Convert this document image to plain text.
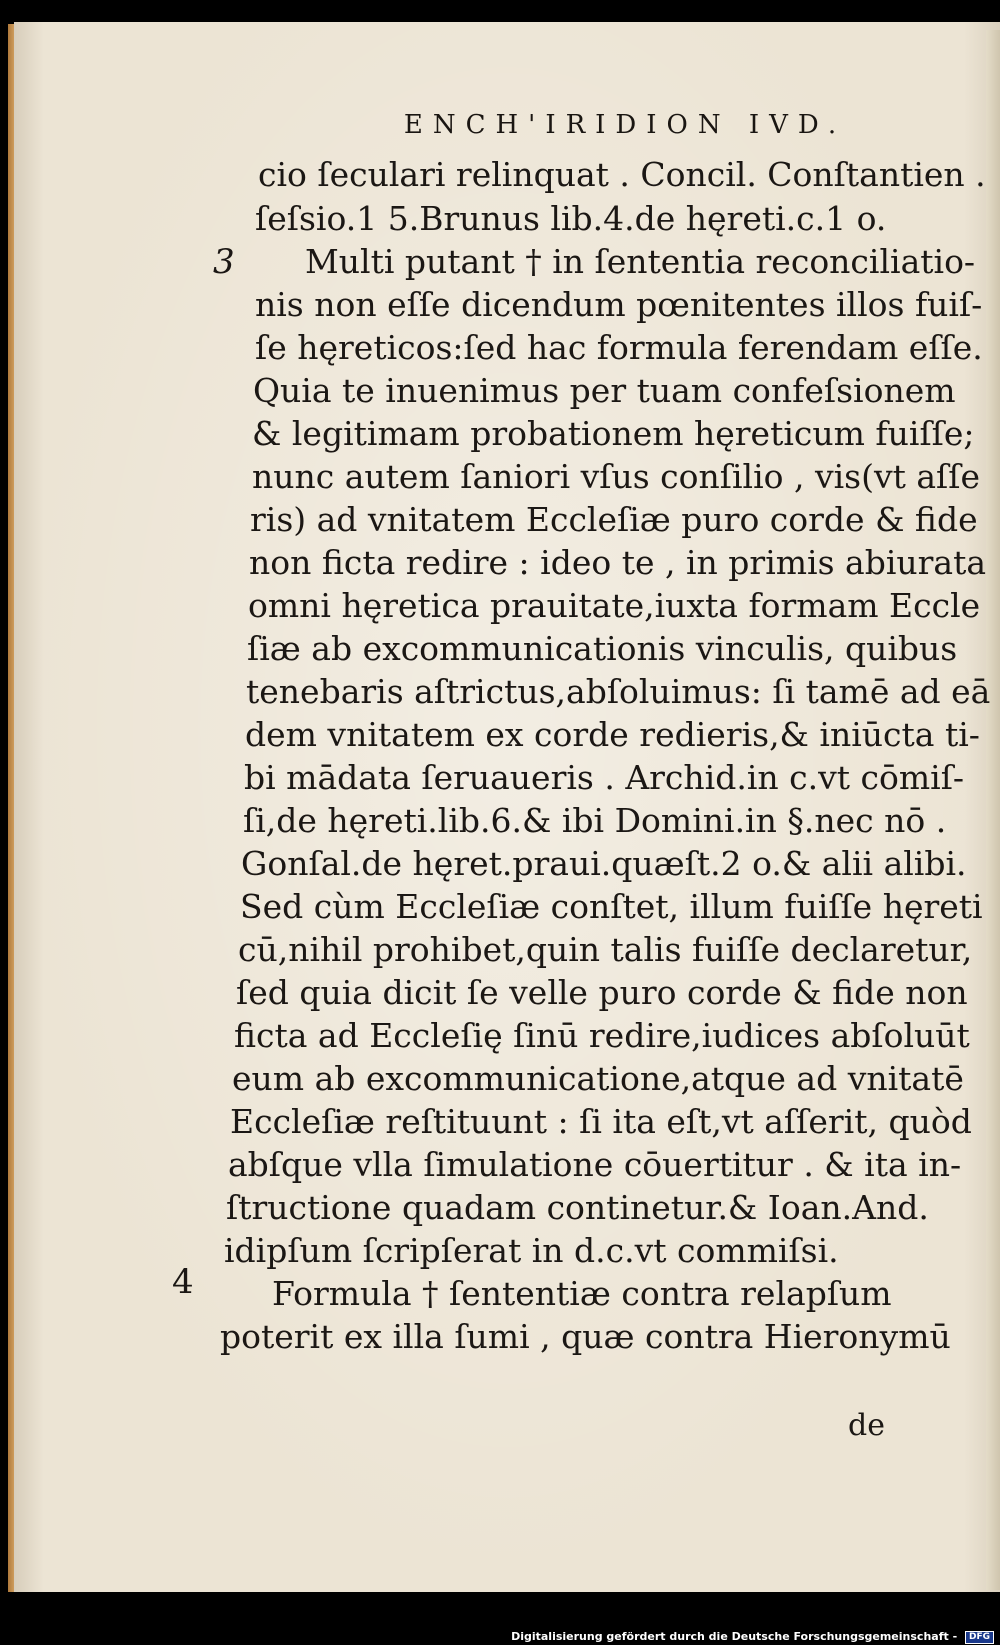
ENCH'IRIDION IVD.
3
4
cio ſeculari relinquat . Concil. Conſtantien .
ſeſsio.1 5.Brunus lib.4.de hęreti.c.1 o.
Multi putant † in ſententia reconciliatio-
nis non eſſe dicendum pœnitentes illos fuiſ-
ſe hęreticos:ſed hac formula ferendam eſſe.
Quia te inuenimus per tuam confeſsionem
& legitimam probationem hęreticum fuiſſe;
nunc autem ſaniori vſus conſilio , vis(vt aſſe
ris) ad vnitatem Eccleſiæ puro corde & fide
non ficta redire : ideo te , in primis abiurata
omni hęretica prauitate,iuxta formam Eccle
ſiæ ab excommunicationis vinculis, quibus
tenebaris aſtrictus,abſoluimus: ſi tamē ad eā
dem vnitatem ex corde redieris,& iniūcta ti-
bi mādata ſeruaueris . Archid.in c.vt cōmiſ-
ſi,de hęreti.lib.6.& ibi Domini.in §.nec nō .
Gonſal.de hęret.praui.quæſt.2 o.& alii alibi.
Sed cùm Eccleſiæ conſtet, illum fuiſſe hęreti
cū,nihil prohibet,quin talis fuiſſe declaretur,
ſed quia dicit ſe velle puro corde & fide non
ficta ad Eccleſię ſinū redire,iudices abſoluūt
eum ab excommunicatione,atque ad vnitatē
Eccleſiæ reſtituunt : ſi ita eſt,vt aſſerit, quòd
abſque vlla ſimulatione cōuertitur . & ita in-
ſtructione quadam continetur.& Ioan.And.
idipſum ſcripſerat in d.c.vt commiſsi.
Formula † ſententiæ contra relapſum
poterit ex illa ſumi , quæ contra Hieronymū
de
Digitalisierung gefördert durch die Deutsche Forschungsgemeinschaft - DFG
